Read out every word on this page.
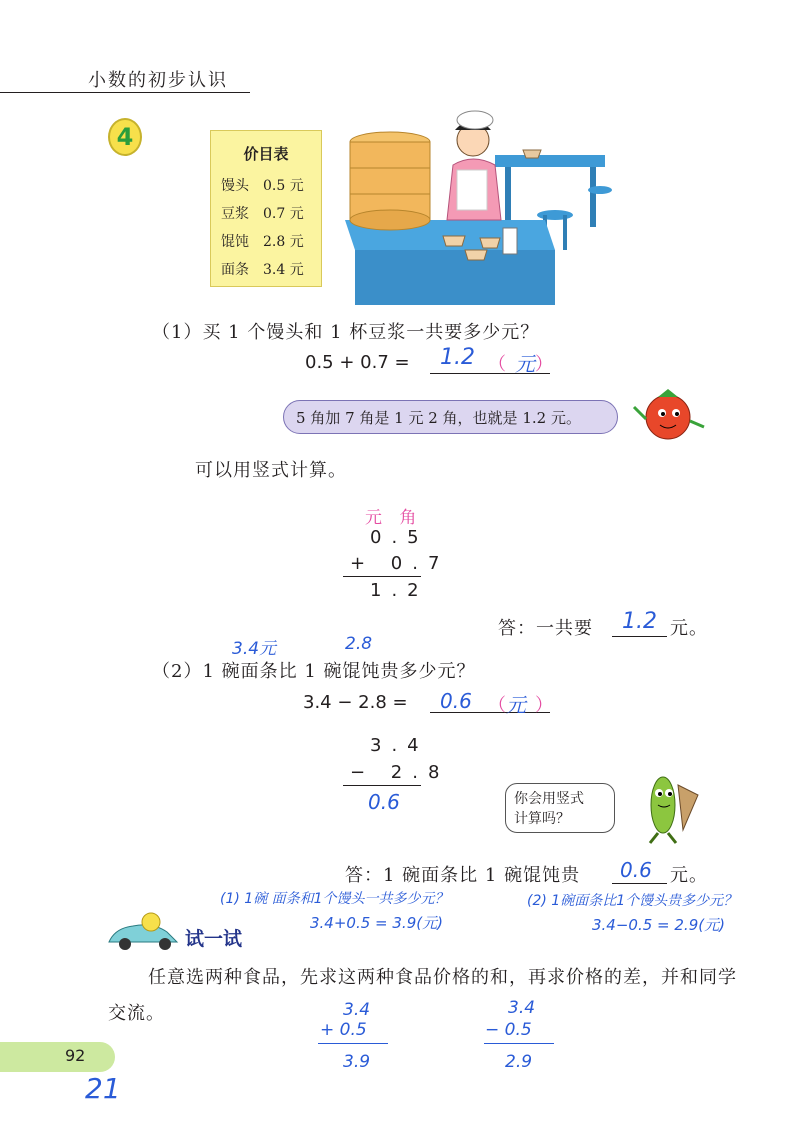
小数的初步认识
4
价目表
馒头 0.5 元
豆浆 0.7 元
馄饨 2.8 元
面条 3.4 元
（1）买 1 个馒头和 1 杯豆浆一共要多少元？
0.5 + 0.7 = 1.2 （ 元 ）
5 角加 7 角是 1 元 2 角，也就是 1.2 元。
可以用竖式计算。
元 角
0.5
+ 0.7
1.2
答：一共要 1.2 元。
3.4元	2.8
（2）1 碗面条比 1 碗馄饨贵多少元？
3.4 − 2.8 = 0.6 （ 元 ）
3.4
− 2.8
0.6	你会用竖式
计算吗？
答：1 碗面条比 1 碗馄饨贵 0.6 元。
(1) 1碗 面条和1个馒头一共多少元？
3.4+0.5 = 3.9(元)
(2) 1碗面条比1个馒头贵多少元？
3.4−0.5 = 2.9(元)
试一试
任意选两种食品，先求这两种食品价格的和，再求价格的差，并和同学交流。	3.4
+ 0.5
3.9
3.4
− 0.5
2.9
92
21
